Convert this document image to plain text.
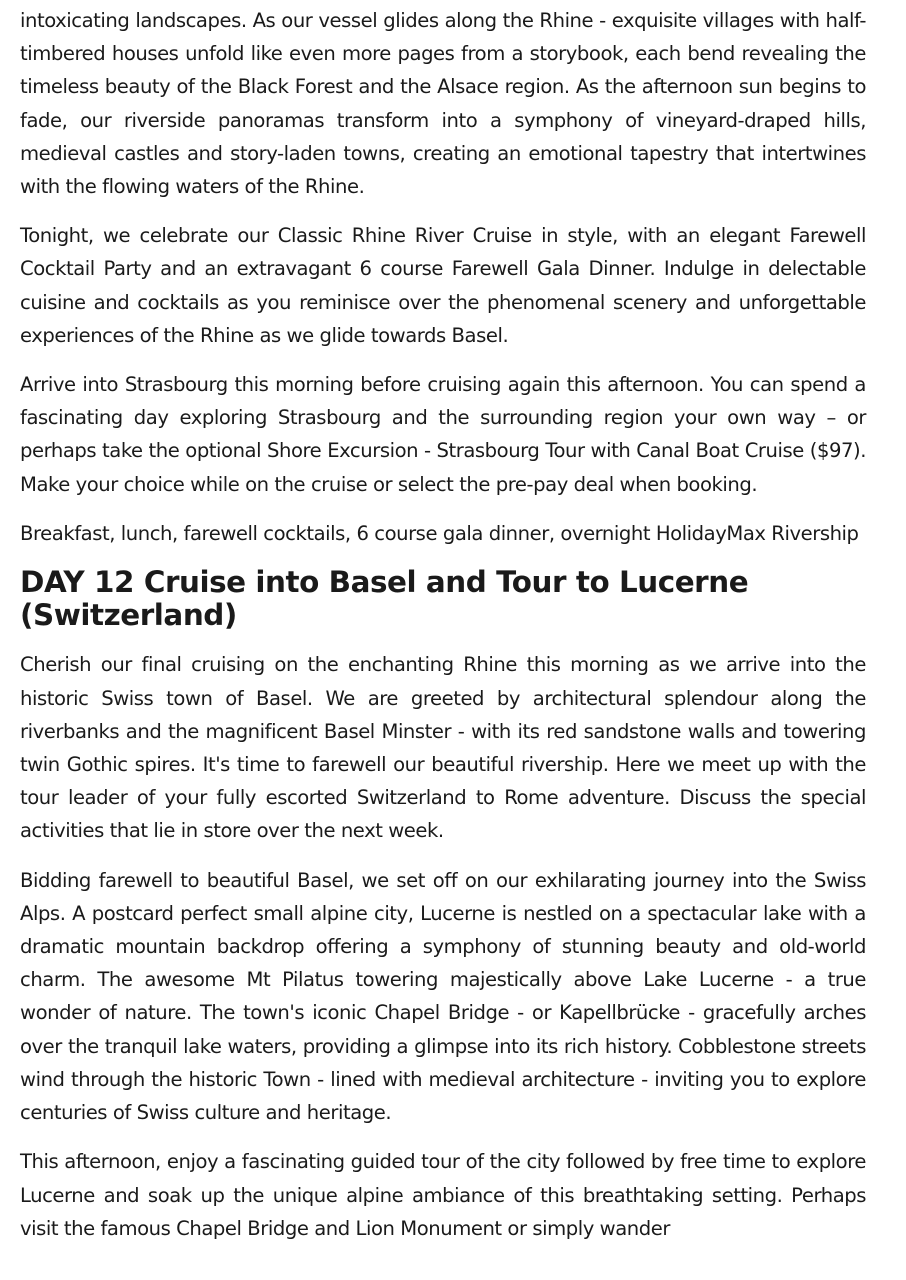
intoxicating landscapes. As our vessel glides along the Rhine - exquisite villages with half-timbered houses unfold like even more pages from a storybook, each bend revealing the timeless beauty of the Black Forest and the Alsace region. As the afternoon sun begins to fade, our riverside panoramas transform into a symphony of vineyard-draped hills, medieval castles and story-laden towns, creating an emotional tapestry that intertwines with the flowing waters of the Rhine.

Tonight, we celebrate our Classic Rhine River Cruise in style, with an elegant Farewell Cocktail Party and an extravagant 6 course Farewell Gala Dinner. Indulge in delectable cuisine and cocktails as you reminisce over the phenomenal scenery and unforgettable experiences of the Rhine as we glide towards Basel.

Arrive into Strasbourg this morning before cruising again this afternoon. You can spend a fascinating day exploring Strasbourg and the surrounding region your own way – or perhaps take the optional Shore Excursion - Strasbourg Tour with Canal Boat Cruise ($97). Make your choice while on the cruise or select the pre-pay deal when booking.

Breakfast, lunch, farewell cocktails, 6 course gala dinner, overnight HolidayMax Rivership

DAY 12 Cruise into Basel and Tour to Lucerne (Switzerland)

Cherish our final cruising on the enchanting Rhine this morning as we arrive into the historic Swiss town of Basel. We are greeted by architectural splendour along the riverbanks and the magnificent Basel Minster - with its red sandstone walls and towering twin Gothic spires. It's time to farewell our beautiful rivership. Here we meet up with the tour leader of your fully escorted Switzerland to Rome adventure. Discuss the special activities that lie in store over the next week.

Bidding farewell to beautiful Basel, we set off on our exhilarating journey into the Swiss Alps. A postcard perfect small alpine city, Lucerne is nestled on a spectacular lake with a dramatic mountain backdrop offering a symphony of stunning beauty and old-world charm. The awesome Mt Pilatus towering majestically above Lake Lucerne - a true wonder of nature. The town's iconic Chapel Bridge - or Kapellbrücke - gracefully arches over the tranquil lake waters, providing a glimpse into its rich history. Cobblestone streets wind through the historic Town - lined with medieval architecture - inviting you to explore centuries of Swiss culture and heritage.

This afternoon, enjoy a fascinating guided tour of the city followed by free time to explore Lucerne and soak up the unique alpine ambiance of this breathtaking setting. Perhaps visit the famous Chapel Bridge and Lion Monument or simply wander
